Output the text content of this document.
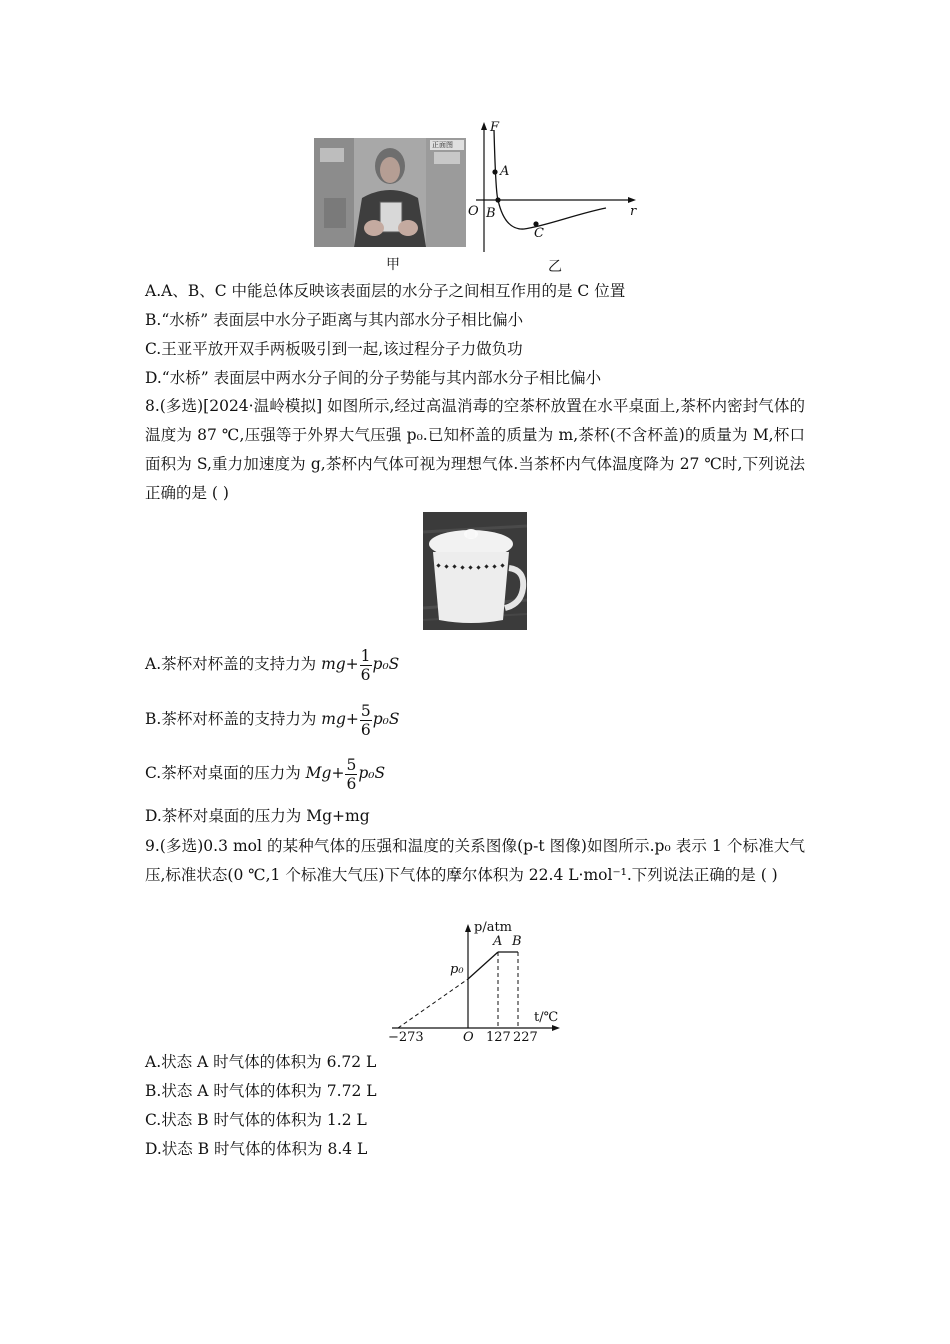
正面图
F
r
O
A
B
C
甲	乙
A.A、B、C 中能总体反映该表面层的水分子之间相互作用的是 C 位置
B.“水桥” 表面层中水分子距离与其内部水分子相比偏小
C.王亚平放开双手两板吸引到一起,该过程分子力做负功
D.“水桥” 表面层中两水分子间的分子势能与其内部水分子相比偏小
8.(多选)[2024·温岭模拟] 如图所示,经过高温消毒的空茶杯放置在水平桌面上,茶杯内密封气体的温度为 87 ℃,压强等于外界大气压强 p₀.已知杯盖的质量为 m,茶杯(不含杯盖)的质量为 M,杯口面积为 S,重力加速度为 g,茶杯内气体可视为理想气体.当茶杯内气体温度降为 27 ℃时,下列说法正确的是 ( )
A.茶杯对杯盖的支持力为 $mg+ \frac{1}{6} p_0S$
B.茶杯对杯盖的支持力为 $mg+ \frac{5}{6} p_0S$
C.茶杯对桌面的压力为 $Mg+ \frac{5}{6} p_0S$
D.茶杯对桌面的压力为 Mg+mg
9.(多选)0.3 mol 的某种气体的压强和温度的关系图像(p-t 图像)如图所示.p₀ 表示 1 个标准大气压,标准状态(0 ℃,1 个标准大气压)下气体的摩尔体积为 22.4 L·mol⁻¹.下列说法正确的是 ( )
p/atm
t/℃
p₀
A B
−273	O 127 227
A.状态 A 时气体的体积为 6.72 L
B.状态 A 时气体的体积为 7.72 L
C.状态 B 时气体的体积为 1.2 L
D.状态 B 时气体的体积为 8.4 L
